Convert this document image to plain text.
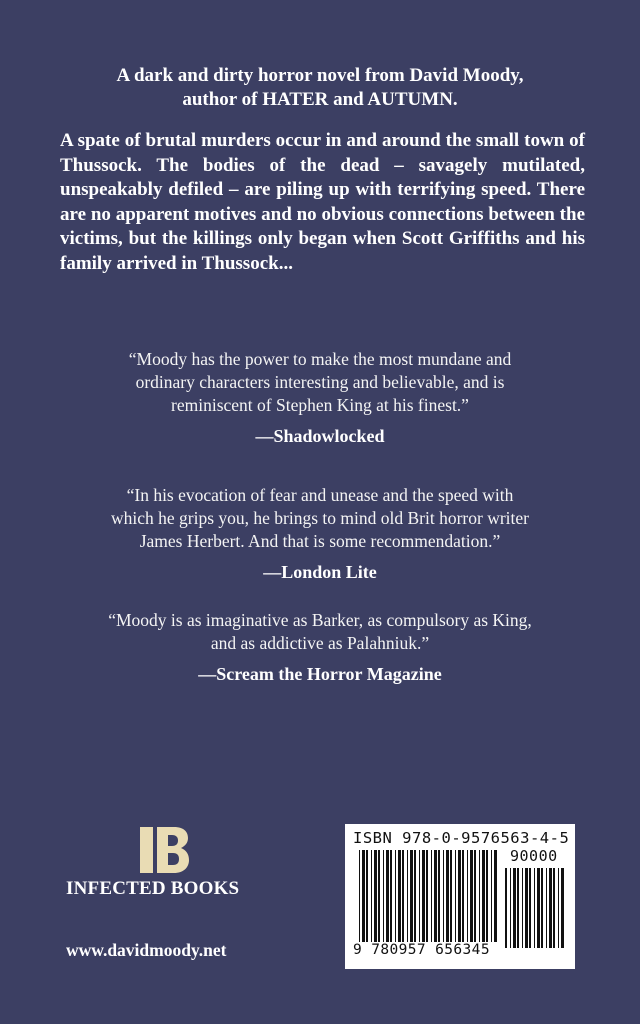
A dark and dirty horror novel from David Moody,
author of HATER and AUTUMN.
A spate of brutal murders occur in and around the small town of Thussock. The bodies of the dead – savagely mutilated, unspeakably defiled – are piling up with terrifying speed. There are no apparent motives and no obvious connections between the victims, but the killings only began when Scott Griffiths and his family arrived in Thussock...

“Moody has the power to make the most mundane and
ordinary characters interesting and believable, and is
reminiscent of Stephen King at his finest.”

—Shadowlocked

“In his evocation of fear and unease and the speed with
which he grips you, he brings to mind old Brit horror writer
James Herbert. And that is some recommendation.”

—London Lite

“Moody is as imaginative as Barker, as compulsory as King,
and as addictive as Palahniuk.”

—Scream the Horror Magazine

INFECTED BOOKS
www.davidmoody.net
ISBN 978-0-9576563-4-5
90000
9 780957 656345
